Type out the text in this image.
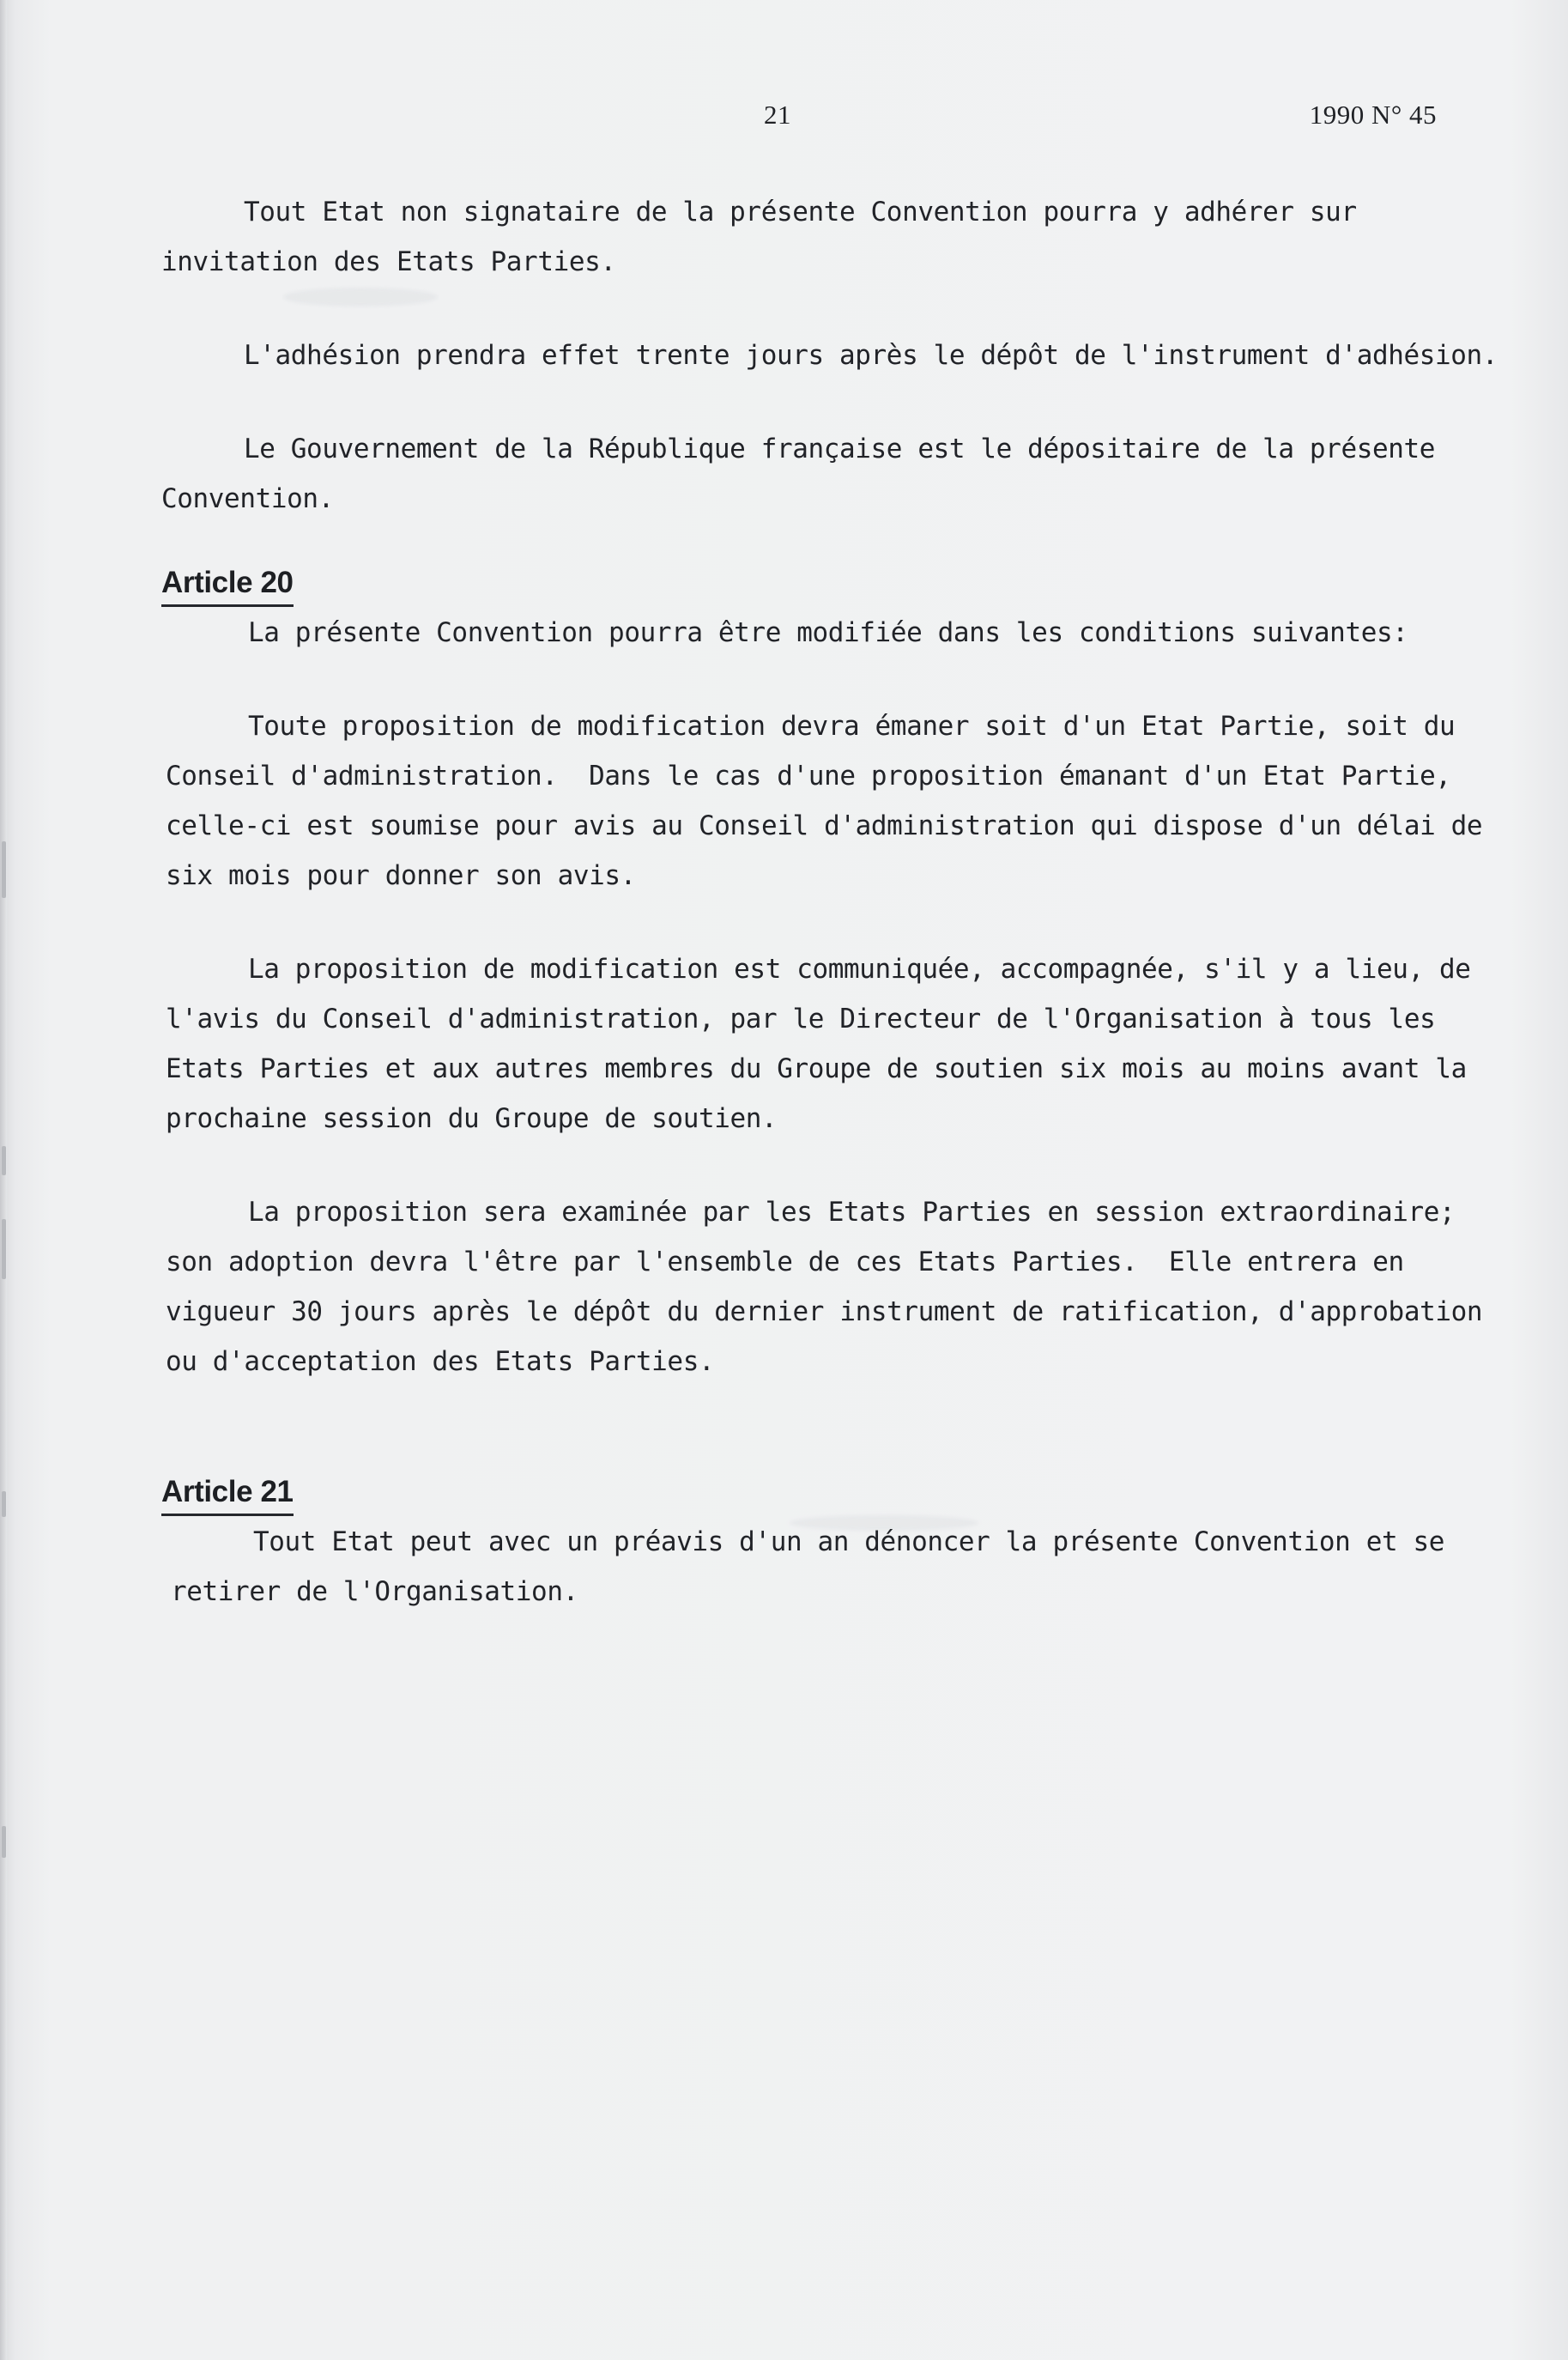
21	1990 N° 45

Tout Etat non signataire de la présente Convention pourra y adhérer sur invitation des Etats Parties.

L'adhésion prendra effet trente jours après le dépôt de l'instrument d'adhésion.

Le Gouvernement de la République française est le dépositaire de la présente Convention.

Article 20

La présente Convention pourra être modifiée dans les conditions suivantes:

Toute proposition de modification devra émaner soit d'un Etat Partie, soit du Conseil d'administration.  Dans le cas d'une proposition émanant d'un Etat Partie, celle-ci est soumise pour avis au Conseil d'administration qui dispose d'un délai de six mois pour donner son avis.

La proposition de modification est communiquée, accompagnée, s'il y a lieu, de l'avis du Conseil d'administration, par le Directeur de l'Organisation à tous les Etats Parties et aux autres membres du Groupe de soutien six mois au moins avant la prochaine session du Groupe de soutien.

La proposition sera examinée par les Etats Parties en session extraordinaire; son adoption devra l'être par l'ensemble de ces Etats Parties.  Elle entrera en vigueur 30 jours après le dépôt du dernier instrument de ratification, d'approbation ou d'acceptation des Etats Parties.

Article 21

Tout Etat peut avec un préavis d'un an dénoncer la présente Convention et se retirer de l'Organisation.
